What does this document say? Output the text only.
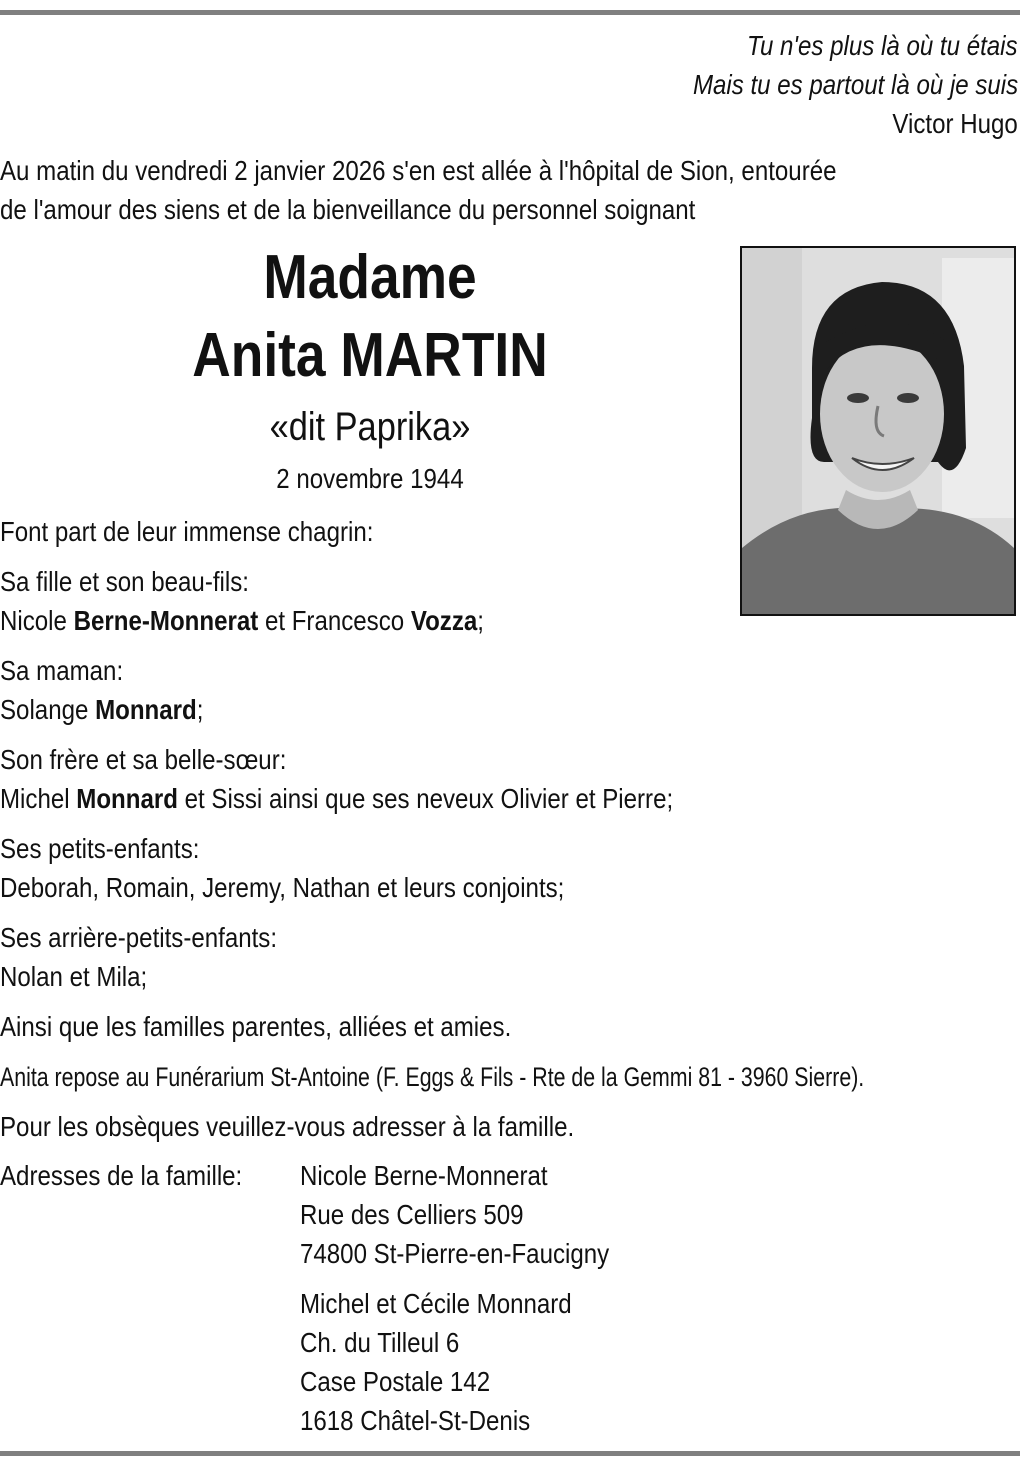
Tu n'es plus là où tu étais
Mais tu es partout là où je suis
Victor Hugo
Au matin du vendredi 2 janvier 2026 s'en est allée à l'hôpital de Sion, entourée
de l'amour des siens et de la bienveillance du personnel soignant
Madame
Anita MARTIN
«dit Paprika»
2 novembre 1944
Font part de leur immense chagrin:
Sa fille et son beau-fils:
Nicole Berne-Monnerat et Francesco Vozza;
Sa maman:
Solange Monnard;
Son frère et sa belle-sœur:
Michel Monnard et Sissi ainsi que ses neveux Olivier et Pierre;
Ses petits-enfants:
Deborah, Romain, Jeremy, Nathan et leurs conjoints;
Ses arrière-petits-enfants:
Nolan et Mila;
Ainsi que les familles parentes, alliées et amies.
Anita repose au Funérarium St-Antoine (F. Eggs & Fils - Rte de la Gemmi 81 - 3960 Sierre).
Pour les obsèques veuillez-vous adresser à la famille.
Adresses de la famille: Nicole Berne-Monnerat
Rue des Celliers 509
74800 St-Pierre-en-Faucigny
Michel et Cécile Monnard
Ch. du Tilleul 6
Case Postale 142
1618 Châtel-St-Denis
